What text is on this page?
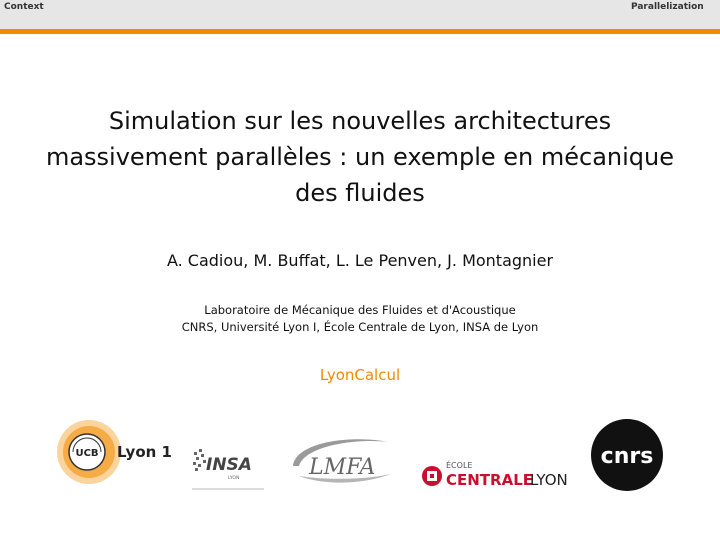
Context	Parallelization
Simulation sur les nouvelles architectures
massivement parallèles : un exemple en mécanique
des fluides
A. Cadiou, M. Buffat, L. Le Penven, J. Montagnier
Laboratoire de Mécanique des Fluides et d'Acoustique
CNRS, Université Lyon I, École Centrale de Lyon, INSA de Lyon
LyonCalcul
UCB Lyon 1
INSA
LYON	LMFA	ÉCOLE
CENTRALE
LYON
cnrs
